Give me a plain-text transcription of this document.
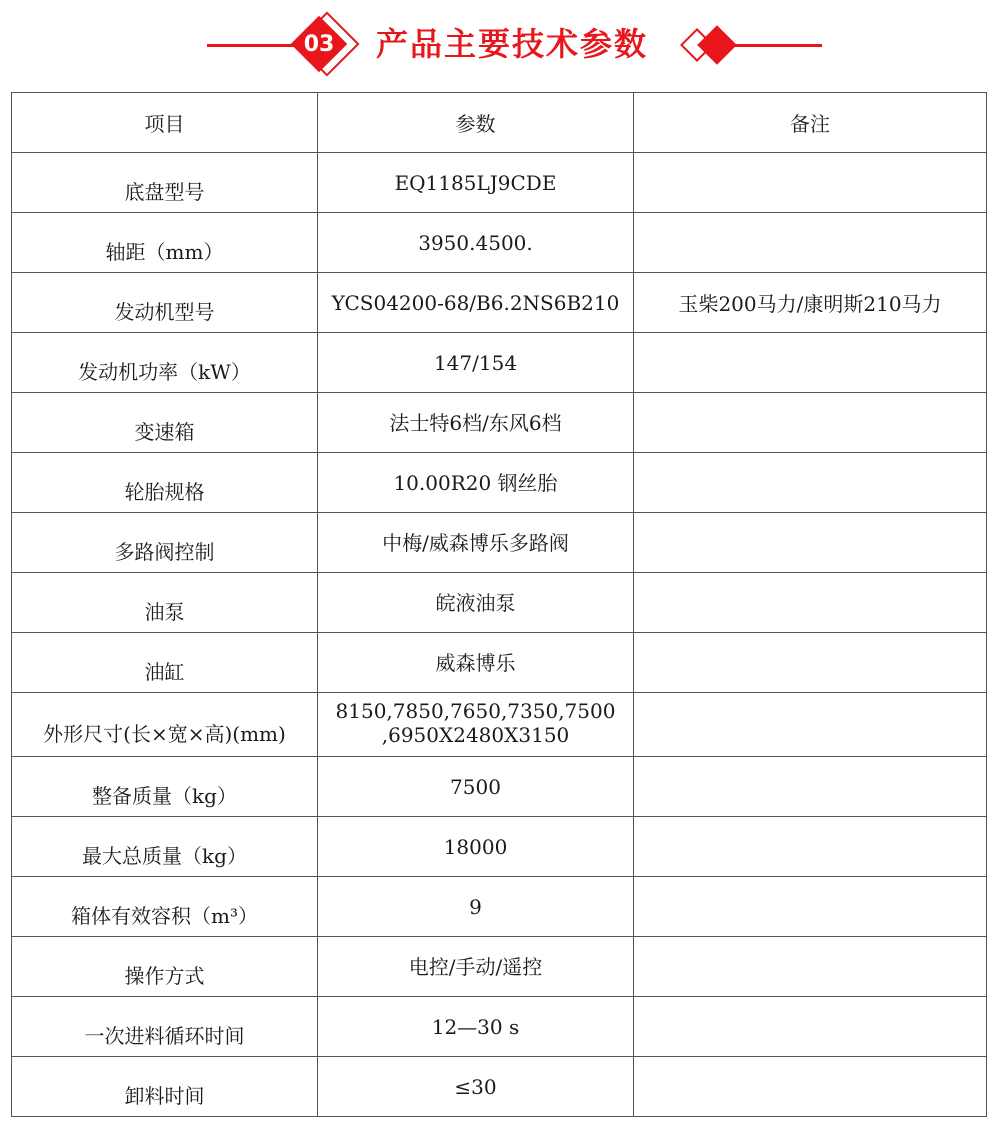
03 产品主要技术参数
项目	参数	备注
底盘型号	EQ1185LJ9CDE	
轴距（mm）	3950.4500.	
发动机型号	YCS04200-68/B6.2NS6B210	玉柴200马力/康明斯210马力
发动机功率（kW）	147/154	
变速箱	法士特6档/东风6档	
轮胎规格	10.00R20 钢丝胎	
多路阀控制	中梅/威森博乐多路阀	
油泵	皖液油泵	
油缸	威森博乐	
外形尺寸(长×宽×高)(mm)	8150,7850,7650,7350,7500
,6950X2480X3150	

整备质量（kg）	7500	
最大总质量（kg）	18000	
箱体有效容积（m³）	9	
操作方式	电控/手动/遥控	
一次进料循环时间	12—30 s	
卸料时间	≤30	
